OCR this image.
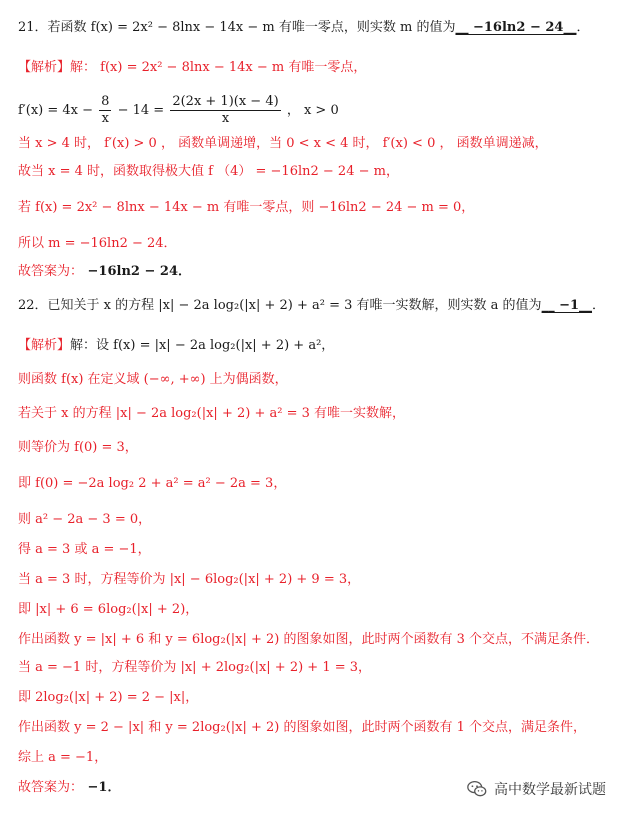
21．若函数 f(x) = 2x² − 8lnx − 14x − m 有唯一零点，则实数 m 的值为__ −16ln2 − 24__．
【解析】解： f(x) = 2x² − 8lnx − 14x − m 有唯一零点，
$f'(x) = 4x - \frac{8}{x} - 14 = \frac{2(2x + 1)(x - 4)}{x}$ ， x > 0
当 x > 4 时， f′(x) > 0 ， 函数单调递增，当 0 < x < 4 时， f′(x) < 0 ， 函数单调递减，
故当 x = 4 时，函数取得极大值 f （4） = −16ln2 − 24 − m，
若 f(x) = 2x² − 8lnx − 14x − m 有唯一零点，则 −16ln2 − 24 − m = 0，
所以 m = −16ln2 − 24．
故答案为： −16ln2 − 24．
22．已知关于 x 的方程 |x| − 2a log₂(|x| + 2) + a² = 3 有唯一实数解，则实数 a 的值为__ −1__．
【解析】解：设 f(x) = |x| − 2a log₂(|x| + 2) + a²，
则函数 f(x) 在定义域 (−∞, +∞) 上为偶函数，
若关于 x 的方程 |x| − 2a log₂(|x| + 2) + a² = 3 有唯一实数解，
则等价为 f(0) = 3，
即 f(0) = −2a log₂ 2 + a² = a² − 2a = 3，
则 a² − 2a − 3 = 0，
得 a = 3 或 a = −1，
当 a = 3 时，方程等价为 |x| − 6log₂(|x| + 2) + 9 = 3，
即 |x| + 6 = 6log₂(|x| + 2)，
作出函数 y = |x| + 6 和 y = 6log₂(|x| + 2) 的图象如图，此时两个函数有 3 个交点，不满足条件．
当 a = −1 时，方程等价为 |x| + 2log₂(|x| + 2) + 1 = 3，
即 2log₂(|x| + 2) = 2 − |x|，
作出函数 y = 2 − |x| 和 y = 2log₂(|x| + 2) 的图象如图，此时两个函数有 1 个交点，满足条件，
综上 a = −1，
故答案为： −1．	高中数学最新试题
